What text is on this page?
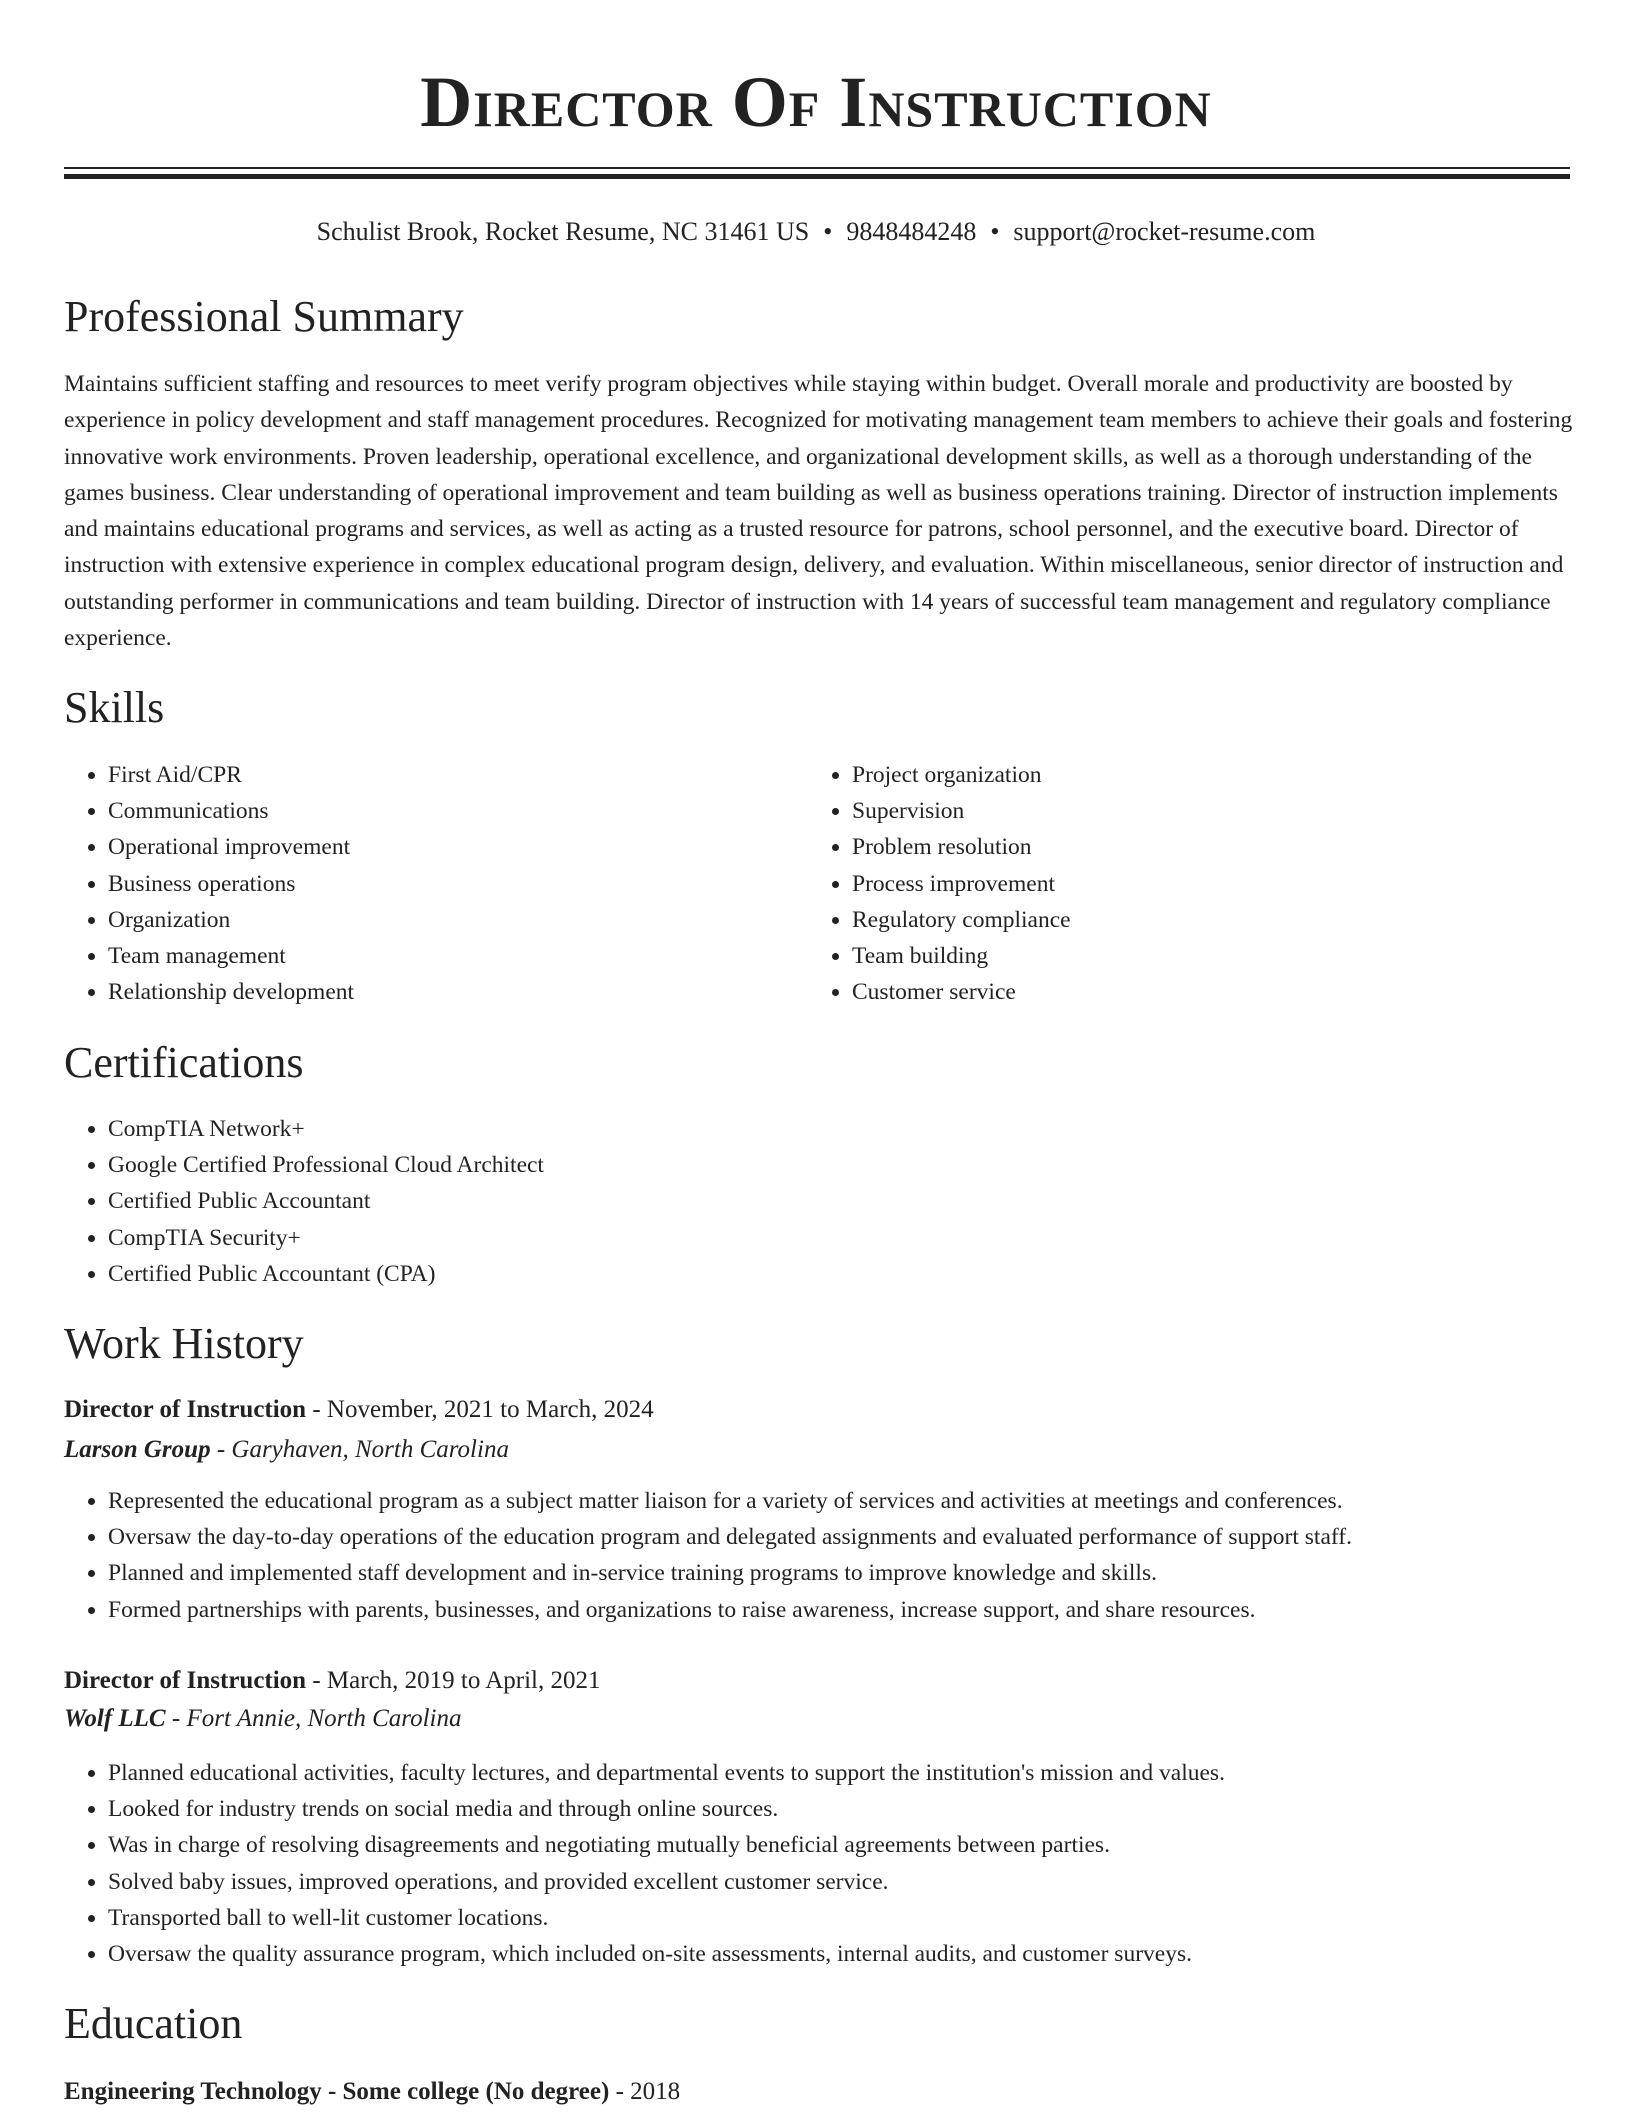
Director Of Instruction
Schulist Brook, Rocket Resume, NC 31461 US • 9848484248 • support@rocket-resume.com
Professional Summary

Maintains sufficient staffing and resources to meet verify program objectives while staying within budget. Overall morale and productivity are boosted by experience in policy development and staff management procedures. Recognized for motivating management team members to achieve their goals and fostering innovative work environments. Proven leadership, operational excellence, and organizational development skills, as well as a thorough understanding of the games business. Clear understanding of operational improvement and team building as well as business operations training. Director of instruction implements and maintains educational programs and services, as well as acting as a trusted resource for patrons, school personnel, and the executive board. Director of instruction with extensive experience in complex educational program design, delivery, and evaluation. Within miscellaneous, senior director of instruction and outstanding performer in communications and team building. Director of instruction with 14 years of successful team management and regulatory compliance experience.

Skills
• First Aid/CPR
• Communications
• Operational improvement
• Business operations
• Organization
• Team management
• Relationship development
• Project organization
• Supervision
• Problem resolution
• Process improvement
• Regulatory compliance
• Team building
• Customer service
Certifications
• CompTIA Network+
• Google Certified Professional Cloud Architect
• Certified Public Accountant
• CompTIA Security+
• Certified Public Accountant (CPA)
Work History
Director of Instruction - November, 2021 to March, 2024
Larson Group - Garyhaven, North Carolina
• Represented the educational program as a subject matter liaison for a variety of services and activities at meetings and conferences.
• Oversaw the day-to-day operations of the education program and delegated assignments and evaluated performance of support staff.
• Planned and implemented staff development and in-service training programs to improve knowledge and skills.
• Formed partnerships with parents, businesses, and organizations to raise awareness, increase support, and share resources.
Director of Instruction - March, 2019 to April, 2021
Wolf LLC - Fort Annie, North Carolina
• Planned educational activities, faculty lectures, and departmental events to support the institution's mission and values.
• Looked for industry trends on social media and through online sources.
• Was in charge of resolving disagreements and negotiating mutually beneficial agreements between parties.
• Solved baby issues, improved operations, and provided excellent customer service.
• Transported ball to well-lit customer locations.
• Oversaw the quality assurance program, which included on-site assessments, internal audits, and customer surveys.
Education
Engineering Technology - Some college (No degree) - 2018
